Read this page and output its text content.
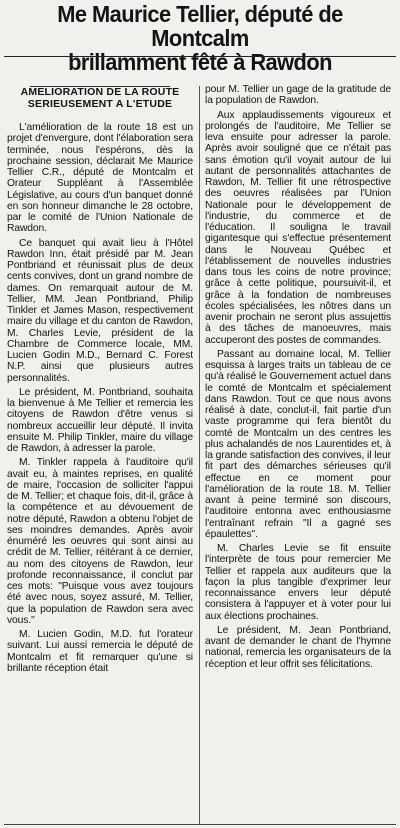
Me Maurice Tellier, député de Montcalm
brillamment fêté à Rawdon
AMELIORATION DE LA ROUTE
SERIEUSEMENT A L'ETUDE

L'amélioration de la route 18 est un projet d'envergure, dont l'élaboration sera terminée, nous l'espérons, dès la prochaine session, déclarait Me Maurice Tellier C.R., député de Montcalm et Orateur Suppléant à l'Assemblée Législative, au cours d'un banquet donné en son honneur dimanche le 28 octobre, par le comité de l'Union Nationale de Rawdon.

Ce banquet qui avait lieu à l'Hôtel Rawdon Inn, était présidé par M. Jean Pontbriand et réunissait plus de deux cents convives, dont un grand nombre de dames. On remarquait autour de M. Tellier, MM. Jean Pontbriand, Philip Tinkler et James Mason, respectivement maire du village et du canton de Rawdon, M. Charles Levie, président de la Chambre de Commerce locale, MM. Lucien Godin M.D., Bernard C. Forest N.P. ainsi que plusieurs autres personnalités.

Le président, M. Pontbriand, souhaita la bienvenue à Me Tellier et remercia les citoyens de Rawdon d'être venus si nombreux accueillir leur député. Il invita ensuite M. Philip Tinkler, maire du village de Rawdon, à adresser la parole.

M. Tinkler rappela à l'auditoire qu'il avait eu, à maintes reprises, en qualité de maire, l'occasion de solliciter l'appui de M. Tellier; et chaque fois, dit-il, grâce à la compétence et au dévouement de notre député, Rawdon a obtenu l'objet de ses moindres demandes. Après avoir énuméré les oeuvres qui sont ainsi au crédit de M. Tellier, réitérant à ce dernier, au nom des citoyens de Rawdon, leur profonde reconnaissance, il conclut par ces mots: "Puisque vous avez toujours été avec nous, soyez assuré, M. Tellier, que la population de Rawdon sera avec vous."

M. Lucien Godin, M.D. fut l'orateur suivant. Lui aussi remercia le député de Montcalm et fit remarquer qu'une si brillante réception était

pour M. Tellier un gage de la gratitude de la population de Rawdon.

Aux applaudissements vigoureux et prolongés de l'auditoire, Me Tellier se leva ensuite pour adresser la parole. Après avoir souligné que ce n'était pas sans émotion qu'il voyait autour de lui autant de personnalités attachantes de Rawdon, M. Tellier fit une rétrospective des oeuvres réalisées par l'Union Nationale pour le développement de l'industrie, du commerce et de l'éducation. Il souligna le travail gigantesque qui s'effectue présentement dans le Nouveau Québec et l'établissement de nouvelles industries dans tous les coins de notre province; grâce à cette politique, poursuivit-il, et grâce à la fondation de nombreuses écoles spécialisées, les nôtres dans un avenir prochain ne seront plus assujettis à des tâches de manoeuvres, mais accuperont des postes de commandes.

Passant au domaine local, M. Tellier esquissa à larges traits un tableau de ce qu'à réalisé le Gouvernement actuel dans le comté de Montcalm et spécialement dans Rawdon. Tout ce que nous avons réalisé à date, conclut-il, fait partie d'un vaste programme qui fera bientôt du comté de Montcalm un des centres les plus achalandés de nos Laurentides et, à la grande satisfaction des convives, il leur fit part des démarches sérieuses qu'il effectue en ce moment pour l'amélioration de la route 18. M. Tellier avant à peine terminé son discours, l'auditoire entonna avec enthousiasme l'entraînant refrain "Il a gagné ses épaulettes".

M. Charles Levie se fit ensuite l'interprète de tous pour remercier Me Tellier et rappela aux auditeurs que la façon la plus tangible d'exprimer leur reconnaissance envers leur député consistera à l'appuyer et à voter pour lui aux élections prochaines.

Le président, M. Jean Pontbriand, avant de demander le chant de l'hymne national, remercia les organisateurs de la réception et leur offrit ses félicitations.
